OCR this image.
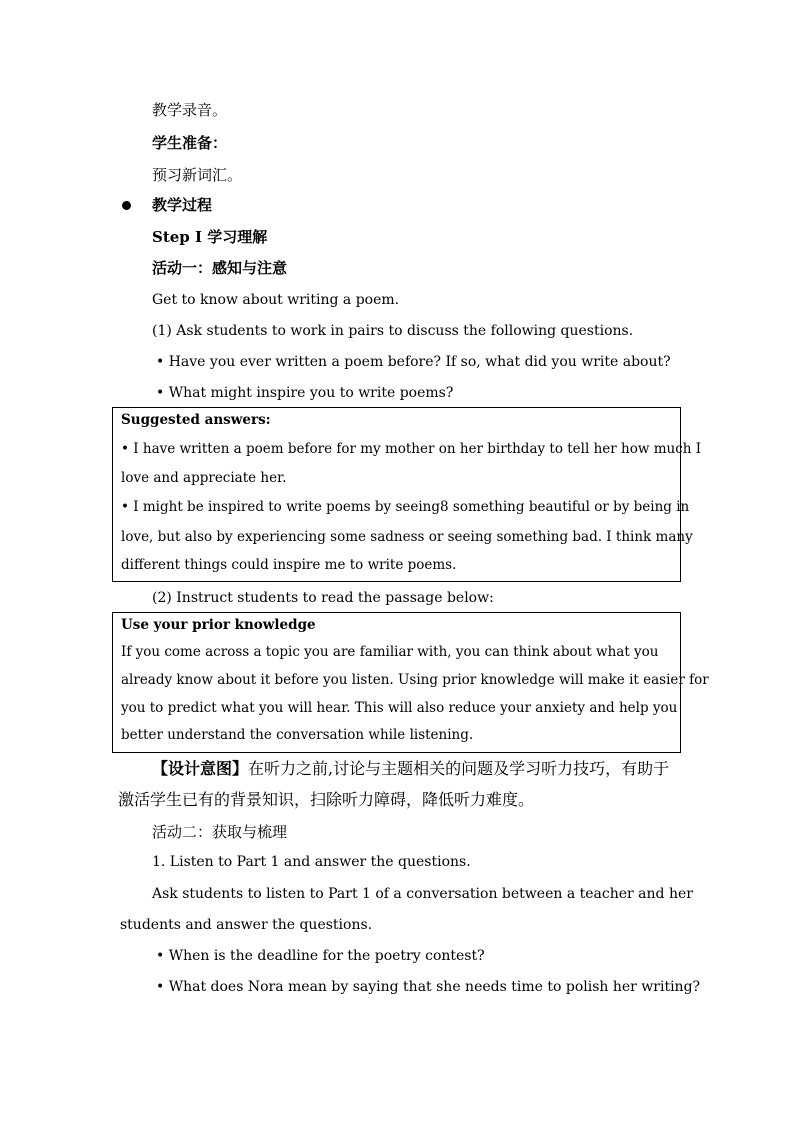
教学录音。
学生准备：
预习新词汇。
教学过程
Step I 学习理解
活动一：感知与注意
Get to know about writing a poem.
(1) Ask students to work in pairs to discuss the following questions.
• Have you ever written a poem before? If so, what did you write about?
• What might inspire you to write poems?
Suggested answers:
• I have written a poem before for my mother on her birthday to tell her how much I
love and appreciate her.
• I might be inspired to write poems by seeing8 something beautiful or by being in
love, but also by experiencing some sadness or seeing something bad. I think many
different things could inspire me to write poems.
(2) Instruct students to read the passage below:
Use your prior knowledge
If you come across a topic you are familiar with, you can think about what you
already know about it before you listen. Using prior knowledge will make it easier for
you to predict what you will hear. This will also reduce your anxiety and help you
better understand the conversation while listening.
【设计意图】在听力之前,讨论与主题相关的问题及学习听力技巧，有助于
激活学生已有的背景知识，扫除听力障碍，降低听力难度。
活动二：获取与梳理
1. Listen to Part 1 and answer the questions.
Ask students to listen to Part 1 of a conversation between a teacher and her
students and answer the questions.
• When is the deadline for the poetry contest?
• What does Nora mean by saying that she needs time to polish her writing?
